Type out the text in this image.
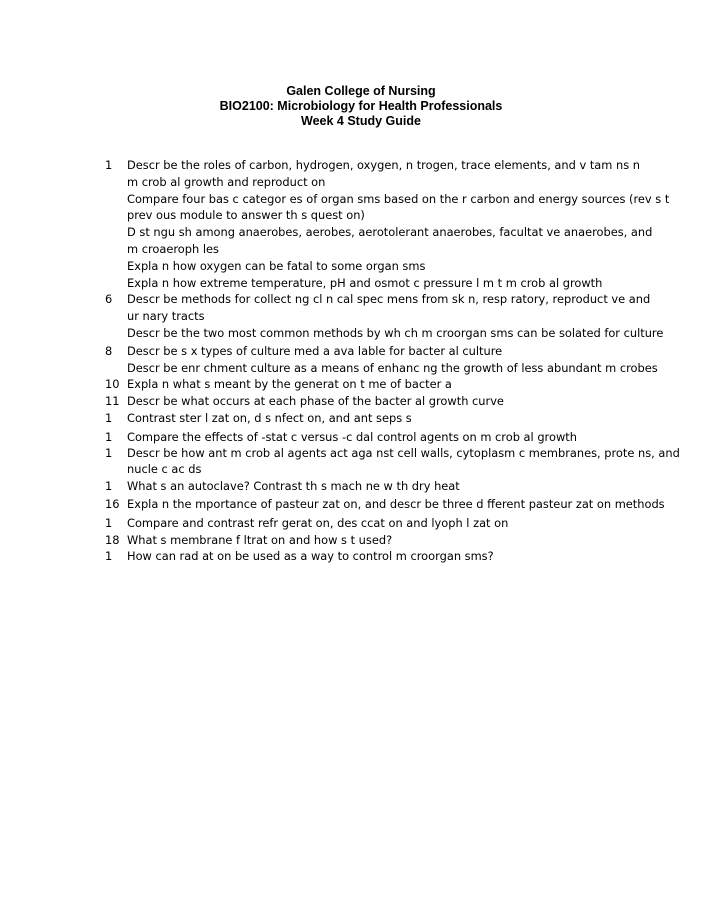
Galen College of Nursing
BIO2100: Microbiology for Health Professionals
Week 4 Study Guide
1	Descr be the roles of carbon, hydrogen, oxygen, n trogen, trace elements, and v tam ns n
m crob al growth and reproduct on
Compare four bas c categor es of organ sms based on the r carbon and energy sources (rev s t
prev ous module to answer th s quest on)
D st ngu sh among anaerobes, aerobes, aerotolerant anaerobes, facultat ve anaerobes, and
m croaeroph les
Expla n how oxygen can be fatal to some organ sms
Expla n how extreme temperature, pH and osmot c pressure l m t m crob al growth
6	Descr be methods for collect ng cl n cal spec mens from sk n, resp ratory, reproduct ve and
ur nary tracts
Descr be the two most common methods by wh ch m croorgan sms can be solated for culture
8	Descr be s x types of culture med a ava lable for bacter al culture
Descr be enr chment culture as a means of enhanc ng the growth of less abundant m crobes
10 Expla n what s meant by the generat on t me of bacter a
11 Descr be what occurs at each phase of the bacter al growth curve
1	Contrast ster l zat on, d s nfect on, and ant seps s
1	Compare the effects of -stat c versus -c dal control agents on m crob al growth
1	Descr be how ant m crob al agents act aga nst cell walls, cytoplasm c membranes, prote ns, and
nucle c ac ds
1	What s an autoclave? Contrast th s mach ne w th dry heat
16 Expla n the mportance of pasteur zat on, and descr be three d fferent pasteur zat on methods
1	Compare and contrast refr gerat on, des ccat on and lyoph l zat on
18 What s membrane f ltrat on and how s t used?
1	How can rad at on be used as a way to control m croorgan sms?
